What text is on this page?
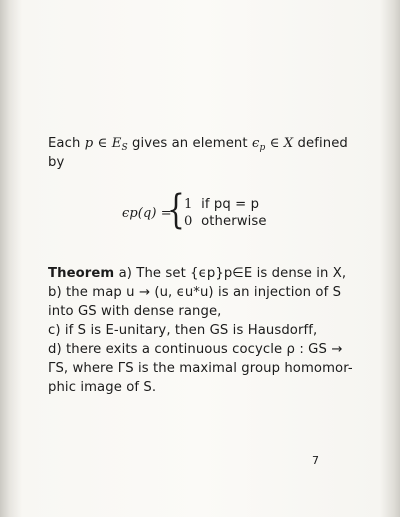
Each p ∈ $E_S$ gives an element $\epsilon_p$ ∈ X defined
by
ϵp(q) =
{ 1 if pq = p
0 otherwise
Theorem a) The set {ϵp}p∈E is dense in X,
b) the map u → (u, ϵu*u) is an injection of S
into GS with dense range,
c) if S is E-unitary, then GS is Hausdorff,
d) there exits a continuous cocycle ρ : GS →
ΓS, where ΓS is the maximal group homomor-
phic image of S.
7
